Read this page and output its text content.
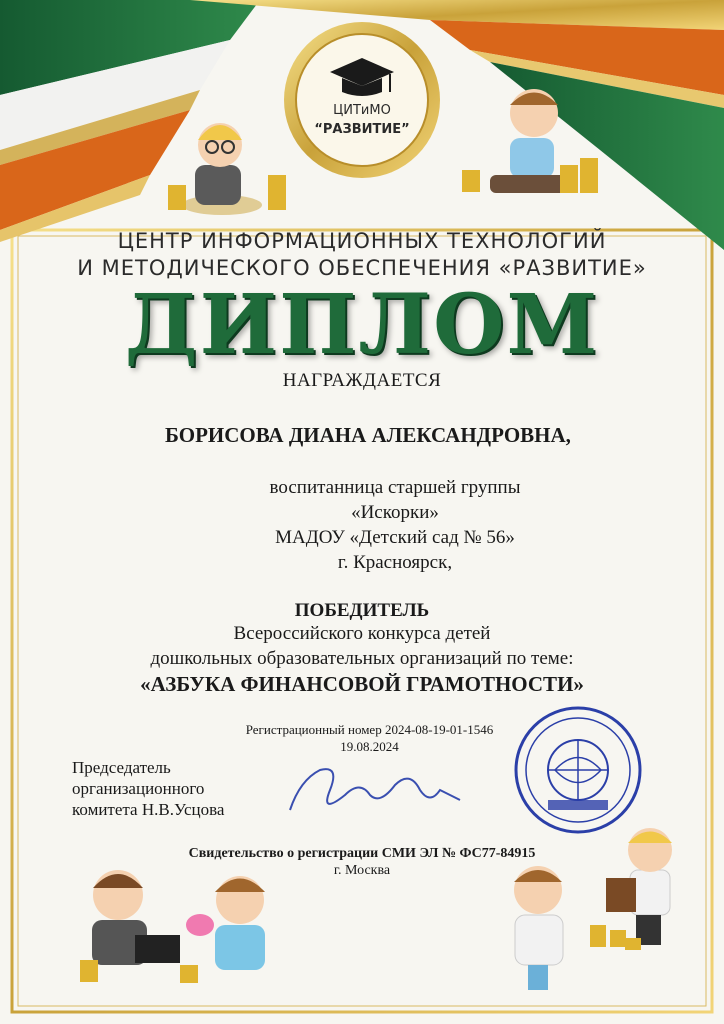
ЦИТиМО
“РАЗВИТИЕ”
ЦЕНТР ИНФОРМАЦИОННЫХ ТЕХНОЛОГИЙ
И МЕТОДИЧЕСКОГО ОБЕСПЕЧЕНИЯ «РАЗВИТИЕ»
ДИПЛОМ
НАГРАЖДАЕТСЯ
БОРИСОВА ДИАНА АЛЕКСАНДРОВНА,
воспитанница старшей группы
«Искорки»
МАДОУ «Детский сад № 56»
г. Красноярск,
ПОБЕДИТЕЛЬ
Всероссийского конкурса детей
дошкольных образовательных организаций по теме:
«АЗБУКА ФИНАНСОВОЙ ГРАМОТНОСТИ»
Регистрационный номер 2024-08-19-01-1546
19.08.2024
Председатель
организационного
комитета Н.В.Усцова
Свидетельство о регистрации СМИ ЭЛ № ФС77-84915
г. Москва
